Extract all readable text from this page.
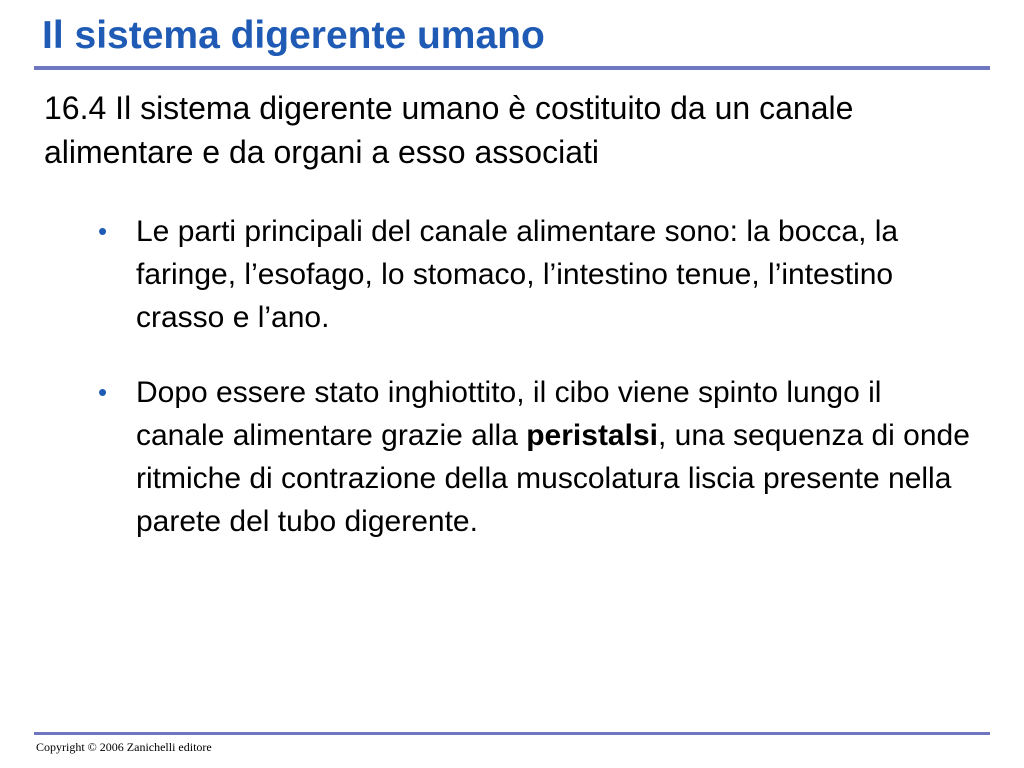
Il sistema digerente umano
16.4 Il sistema digerente umano è costituito da un canale alimentare e da organi a esso associati
• Le parti principali del canale alimentare sono: la bocca, la faringe, l’esofago, lo stomaco, l’intestino tenue, l’intestino crasso e l’ano.
• Dopo essere stato inghiottito, il cibo viene spinto lungo il canale alimentare grazie alla peristalsi, una sequenza di onde ritmiche di contrazione della muscolatura liscia presente nella parete del tubo digerente.
Copyright © 2006 Zanichelli editore
